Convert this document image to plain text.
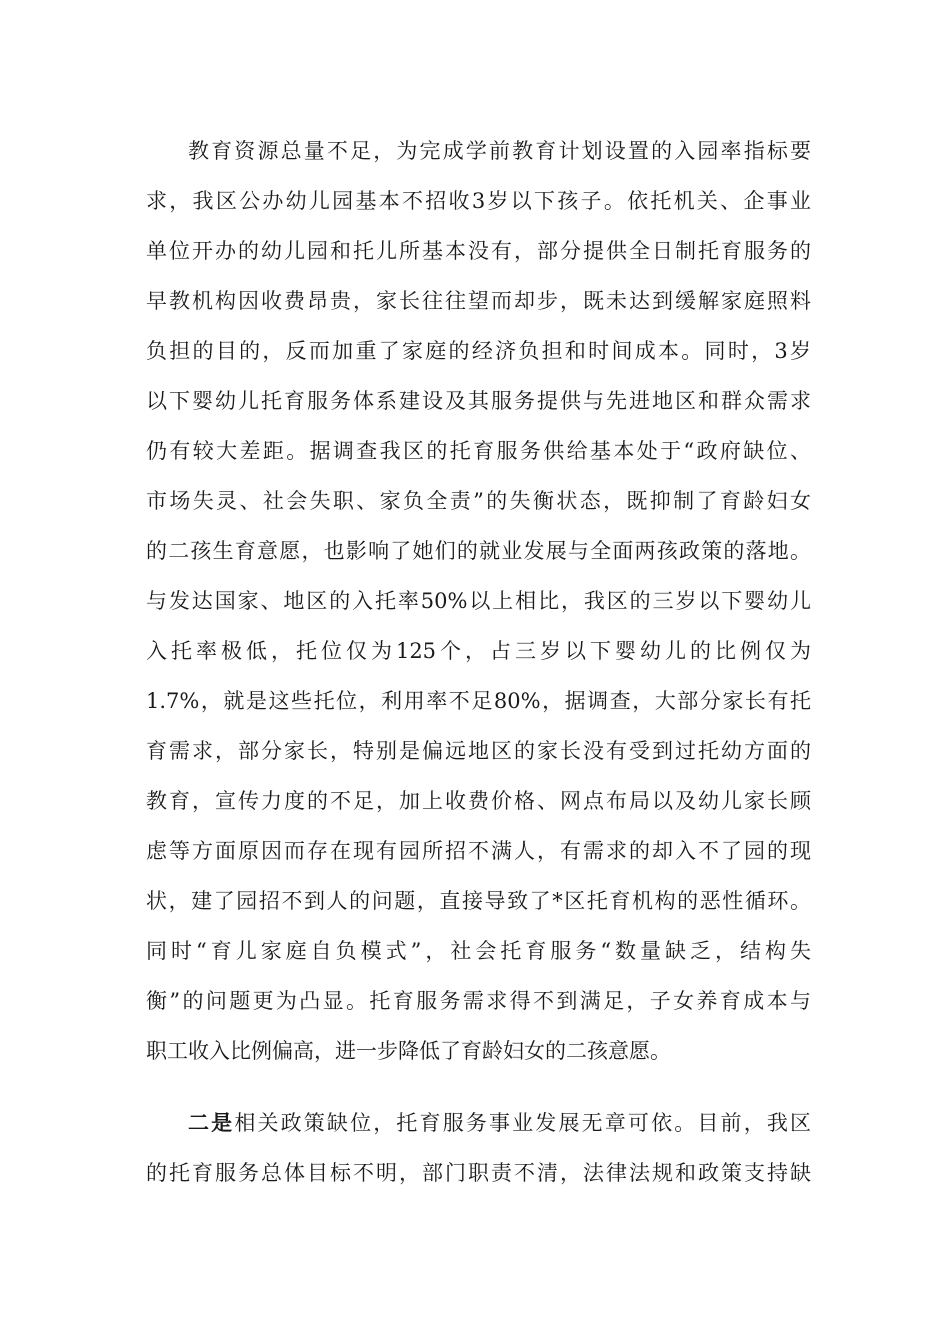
教育资源总量不足，为完成学前教育计划设置的入园率指标要
求，我区公办幼儿园基本不招收3岁以下孩子。依托机关、企事业
单位开办的幼儿园和托儿所基本没有，部分提供全日制托育服务的
早教机构因收费昂贵，家长往往望而却步，既未达到缓解家庭照料
负担的目的，反而加重了家庭的经济负担和时间成本。同时，3岁
以下婴幼儿托育服务体系建设及其服务提供与先进地区和群众需求
仍有较大差距。据调查我区的托育服务供给基本处于“政府缺位、
市场失灵、社会失职、家负全责”的失衡状态，既抑制了育龄妇女
的二孩生育意愿，也影响了她们的就业发展与全面两孩政策的落地。
与发达国家、地区的入托率50%以上相比，我区的三岁以下婴幼儿
入托率极低，托位仅为125个，占三岁以下婴幼儿的比例仅为
1.7%，就是这些托位，利用率不足80%，据调查，大部分家长有托
育需求，部分家长，特别是偏远地区的家长没有受到过托幼方面的
教育，宣传力度的不足，加上收费价格、网点布局以及幼儿家长顾
虑等方面原因而存在现有园所招不满人，有需求的却入不了园的现
状，建了园招不到人的问题，直接导致了*区托育机构的恶性循环。
同时“育儿家庭自负模式”，社会托育服务“数量缺乏，结构失
衡”的问题更为凸显。托育服务需求得不到满足，子女养育成本与
职工收入比例偏高，进一步降低了育龄妇女的二孩意愿。
二是相关政策缺位，托育服务事业发展无章可依。目前，我区
的托育服务总体目标不明，部门职责不清，法律法规和政策支持缺
